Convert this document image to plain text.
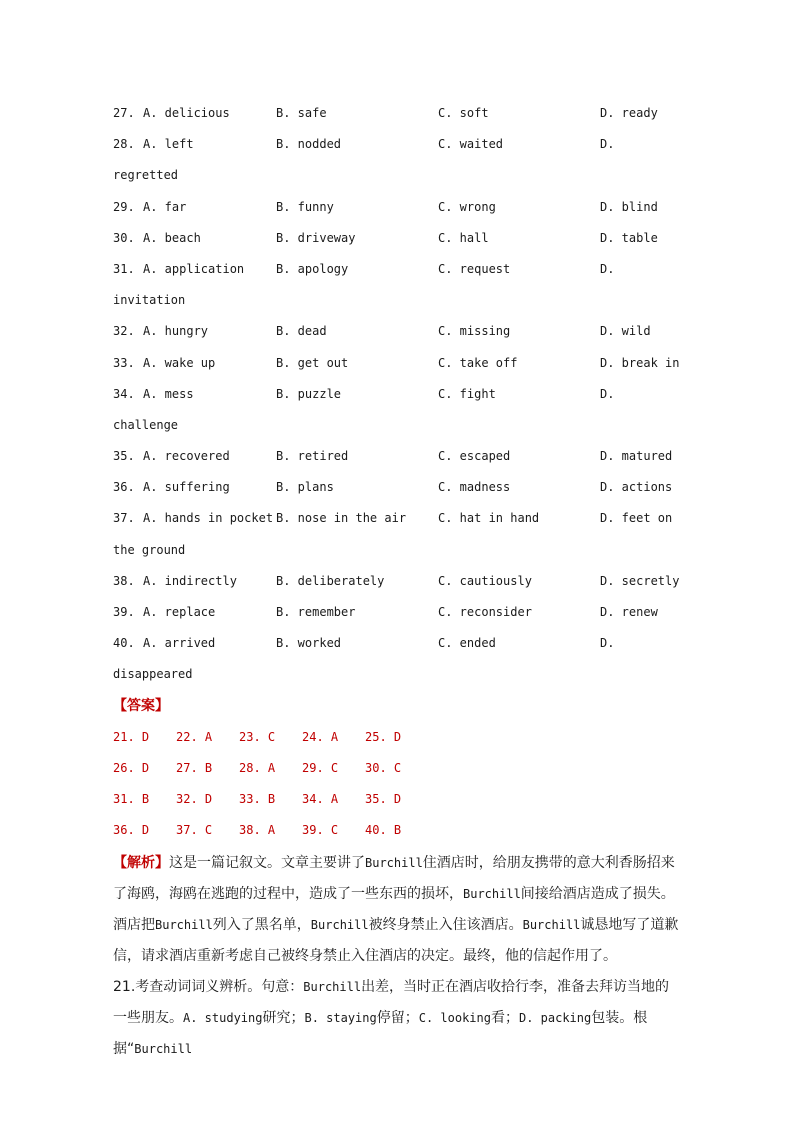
27. A. delicious	B. safe	C. soft	D. ready
28. A. left	B. nodded	C. waited	D.
regretted
29. A. far	B. funny	C. wrong	D. blind
30. A. beach	B. driveway	C. hall	D. table
31. A. application	B. apology	C. request	D.
invitation
32. A. hungry	B. dead	C. missing	D. wild
33. A. wake up	B. get out	C. take off	D. break in
34. A. mess	B. puzzle	C. fight	D.
challenge
35. A. recovered	B. retired	C. escaped	D. matured
36. A. suffering	B. plans	C. madness	D. actions
37. A. hands in pocket B. nose in the air	C. hat in hand	D. feet on
the ground
38. A. indirectly	B. deliberately	C. cautiously	D. secretly
39. A. replace	B. remember	C. reconsider	D. renew
40. A. arrived	B. worked	C. ended	D.
disappeared
【答案】
21. D 22. A 23. C 24. A 25. D
26. D 27. B 28. A 29. C 30. C
31. B 32. D 33. B 34. A 35. D
36. D 37. C 38. A 39. C 40. B
【解析】这是一篇记叙文。文章主要讲了Burchill住酒店时，给朋友携带的意大利香肠招来了海鸥，海鸥在逃跑的过程中，造成了一些东西的损坏，Burchill间接给酒店造成了损失。酒店把Burchill列入了黑名单，Burchill被终身禁止入住该酒店。Burchill诚恳地写了道歉信，请求酒店重新考虑自己被终身禁止入住酒店的决定。最终，他的信起作用了。
21.考查动词词义辨析。句意：Burchill出差，当时正在酒店收拾行李，准备去拜访当地的一些朋友。A. studying研究；B. staying停留；C. looking看；D. packing包装。根据“Burchill
